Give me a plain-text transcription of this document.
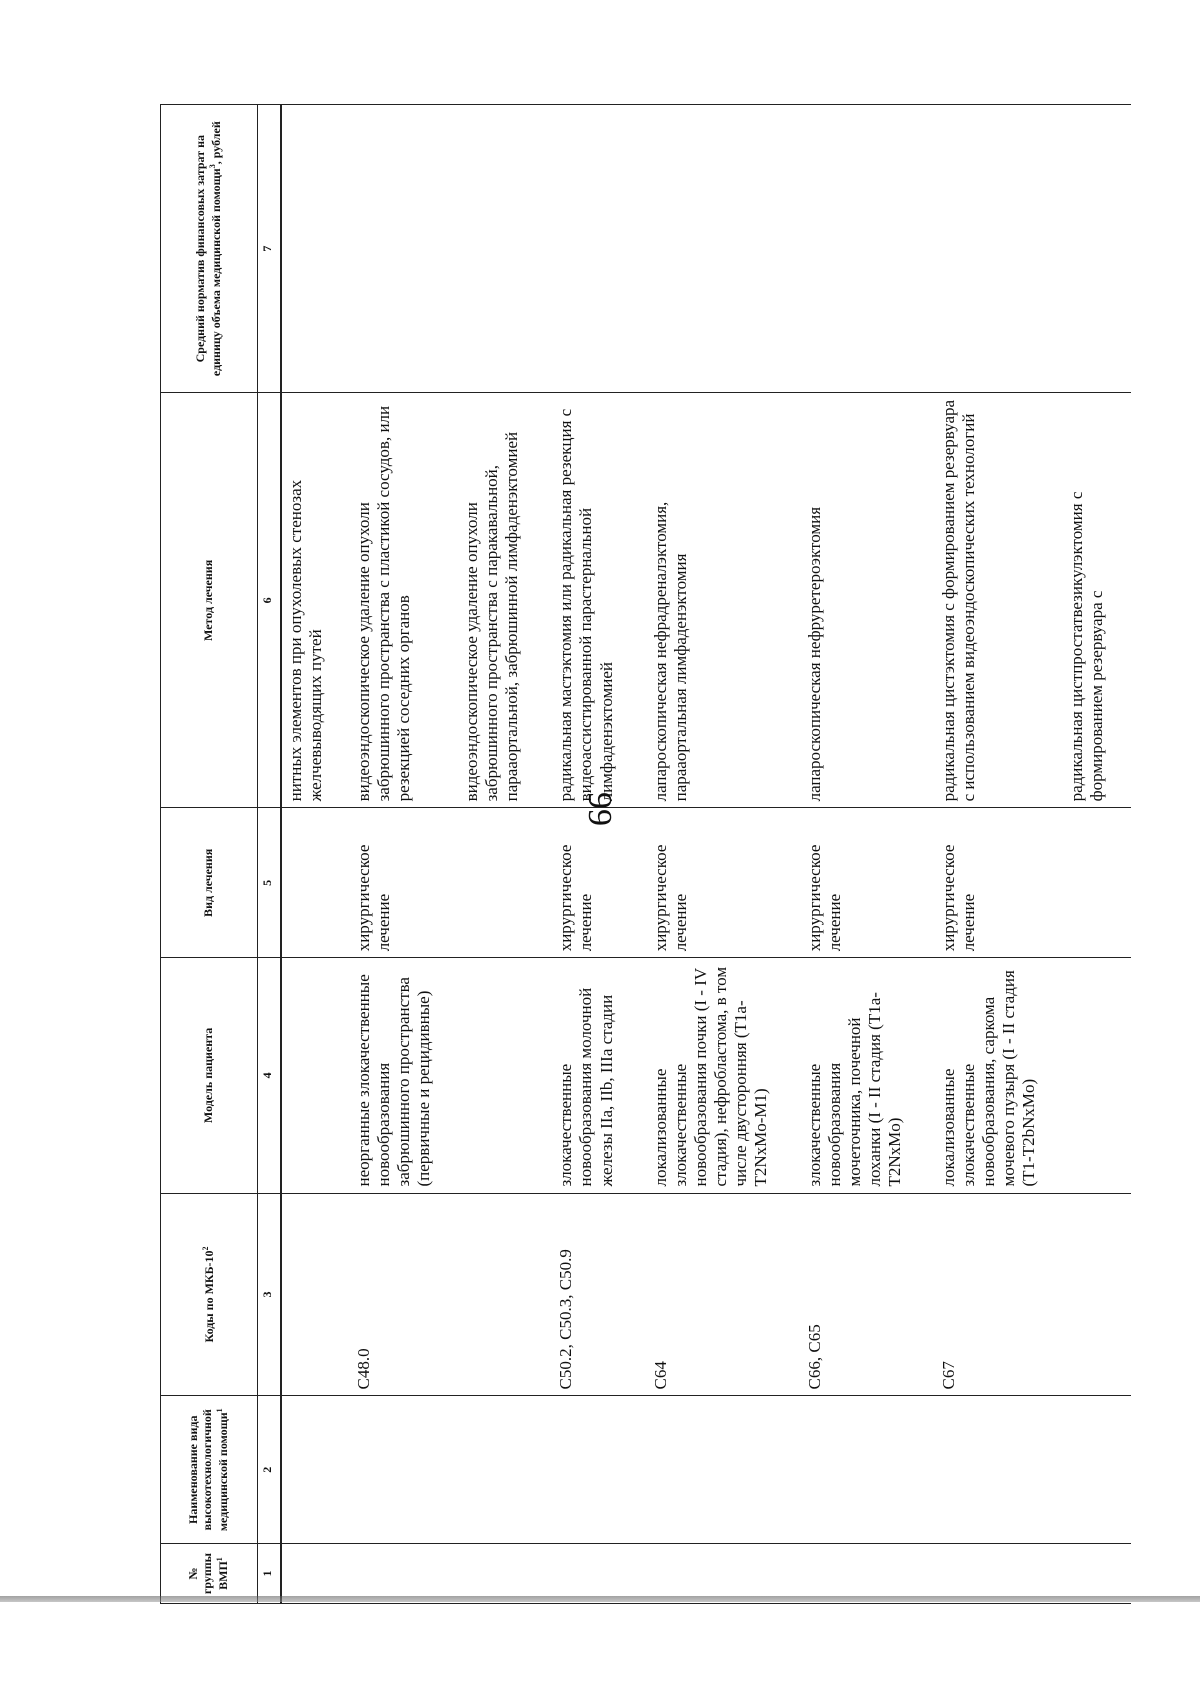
99
№ группы ВМП$^1$	Наименование вида высокотехнологичной медицинской помощи$^1$	Коды по МКБ-$10^2$	Модель пациента	Вид лечения	Метод лечения	Средний норматив финансовых затрат на единицу объема медицинской помощи$^3$, рублей
1	2	3	4	5	6	7
					нитных элементов при опухолевых стенозах желчевыводящих путей	
		C48.0	неорганные злокачественные новообразования забрюшинного пространства (первичные и рецидивные)	хирургическое лечение	видеоэндоскопическое удаление опухоли забрюшинного пространства с пластикой сосудов, или резекцией соседних органов	
					видеоэндоскопическое удаление опухоли забрюшинного пространства с паракавальной, парааортальной, забрюшинной лимфаденэктомией	
		C50.2, C50.3, C50.9	злокачественные новообразования молочной железы IIa, IIb, IIIa стадии	хирургическое лечение	радикальная мастэктомия или радикальная резекция с видеоассистированной парастернальной лимфаденэктомией	
		C64	локализованные злокачественные новообразования почки (I - IV стадия), нефробластома, в том числе двусторонняя (T1a-T2NxMo-M1)	хирургическое лечение	лапароскопическая нефрадреналэктомия, парааортальная лимфаденэктомия	
		C66, C65	злокачественные новообразования мочеточника, почечной лоханки (I - II стадия (T1a-T2NxMo)	хирургическое лечение	лапароскопическая нефруретероэктомия	
		C67	локализованные злокачественные новообразования, саркома мочевого пузыря (I - II стадия (T1-T2bNxMo)	хирургическое лечение	радикальная цистэктомия с формированием резервуара с использованием видеоэндоскопических технологий	
					радикальная цистпростатвезикулэктомия с формированием резервуара с	
